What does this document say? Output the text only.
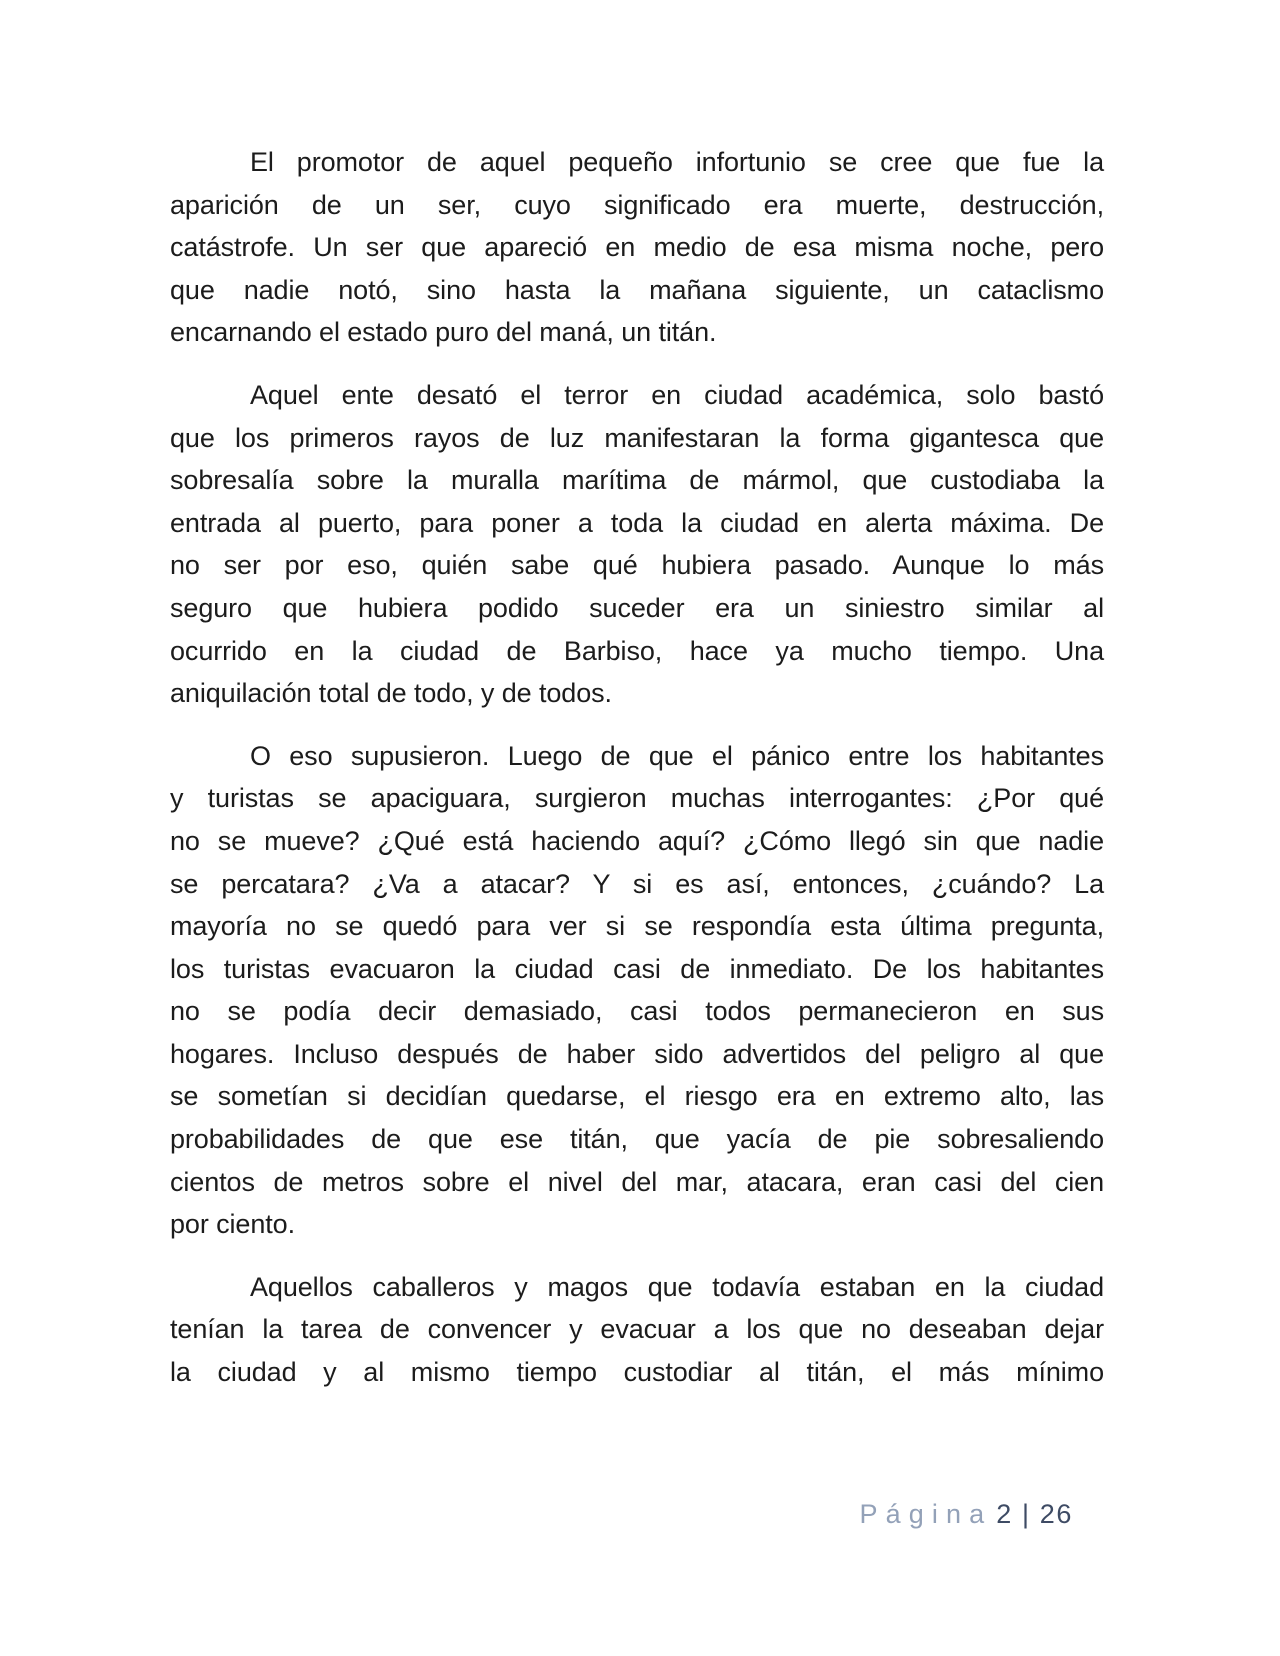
El promotor de aquel pequeño infortunio se cree que fue la
aparición de un ser, cuyo significado era muerte, destrucción,
catástrofe. Un ser que apareció en medio de esa misma noche, pero
que nadie notó, sino hasta la mañana siguiente, un cataclismo
encarnando el estado puro del maná, un titán.
Aquel ente desató el terror en ciudad académica, solo bastó
que los primeros rayos de luz manifestaran la forma gigantesca que
sobresalía sobre la muralla marítima de mármol, que custodiaba la
entrada al puerto, para poner a toda la ciudad en alerta máxima. De
no ser por eso, quién sabe qué hubiera pasado. Aunque lo más
seguro que hubiera podido suceder era un siniestro similar al
ocurrido en la ciudad de Barbiso, hace ya mucho tiempo. Una
aniquilación total de todo, y de todos.
O eso supusieron. Luego de que el pánico entre los habitantes
y turistas se apaciguara, surgieron muchas interrogantes: ¿Por qué
no se mueve? ¿Qué está haciendo aquí? ¿Cómo llegó sin que nadie
se percatara? ¿Va a atacar? Y si es así, entonces, ¿cuándo? La
mayoría no se quedó para ver si se respondía esta última pregunta,
los turistas evacuaron la ciudad casi de inmediato. De los habitantes
no se podía decir demasiado, casi todos permanecieron en sus
hogares. Incluso después de haber sido advertidos del peligro al que
se sometían si decidían quedarse, el riesgo era en extremo alto, las
probabilidades de que ese titán, que yacía de pie sobresaliendo
cientos de metros sobre el nivel del mar, atacara, eran casi del cien
por ciento.
Aquellos caballeros y magos que todavía estaban en la ciudad
tenían la tarea de convencer y evacuar a los que no deseaban dejar
la ciudad y al mismo tiempo custodiar al titán, el más mínimo
Página 2 | 26
